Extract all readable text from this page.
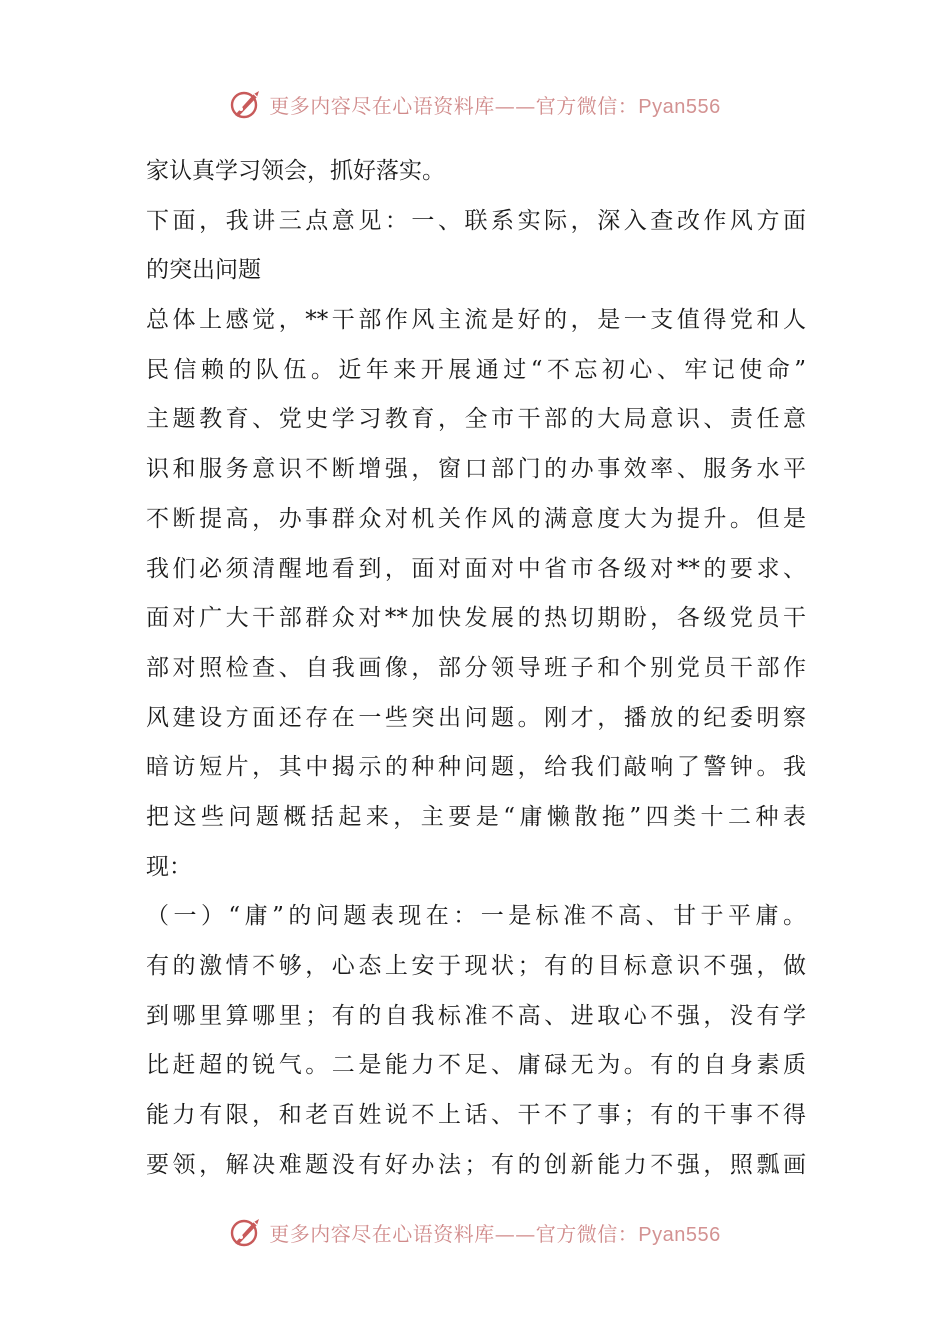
更多内容尽在心语资料库——官方微信：Pyan556
家认真学习领会，抓好落实。
下面，我讲三点意见：一、联系实际，深入查改作风方面
的突出问题
总体上感觉，**干部作风主流是好的，是一支值得党和人
民信赖的队伍。近年来开展通过“不忘初心、牢记使命”
主题教育、党史学习教育，全市干部的大局意识、责任意
识和服务意识不断增强，窗口部门的办事效率、服务水平
不断提高，办事群众对机关作风的满意度大为提升。但是
我们必须清醒地看到，面对面对中省市各级对**的要求、
面对广大干部群众对**加快发展的热切期盼，各级党员干
部对照检查、自我画像，部分领导班子和个别党员干部作
风建设方面还存在一些突出问题。刚才，播放的纪委明察
暗访短片，其中揭示的种种问题，给我们敲响了警钟。我
把这些问题概括起来，主要是“庸懒散拖”四类十二种表
现：
（一）“庸”的问题表现在：一是标准不高、甘于平庸。
有的激情不够，心态上安于现状；有的目标意识不强，做
到哪里算哪里；有的自我标准不高、进取心不强，没有学
比赶超的锐气。二是能力不足、庸碌无为。有的自身素质
能力有限，和老百姓说不上话、干不了事；有的干事不得
要领，解决难题没有好办法；有的创新能力不强，照瓢画
更多内容尽在心语资料库——官方微信：Pyan556
